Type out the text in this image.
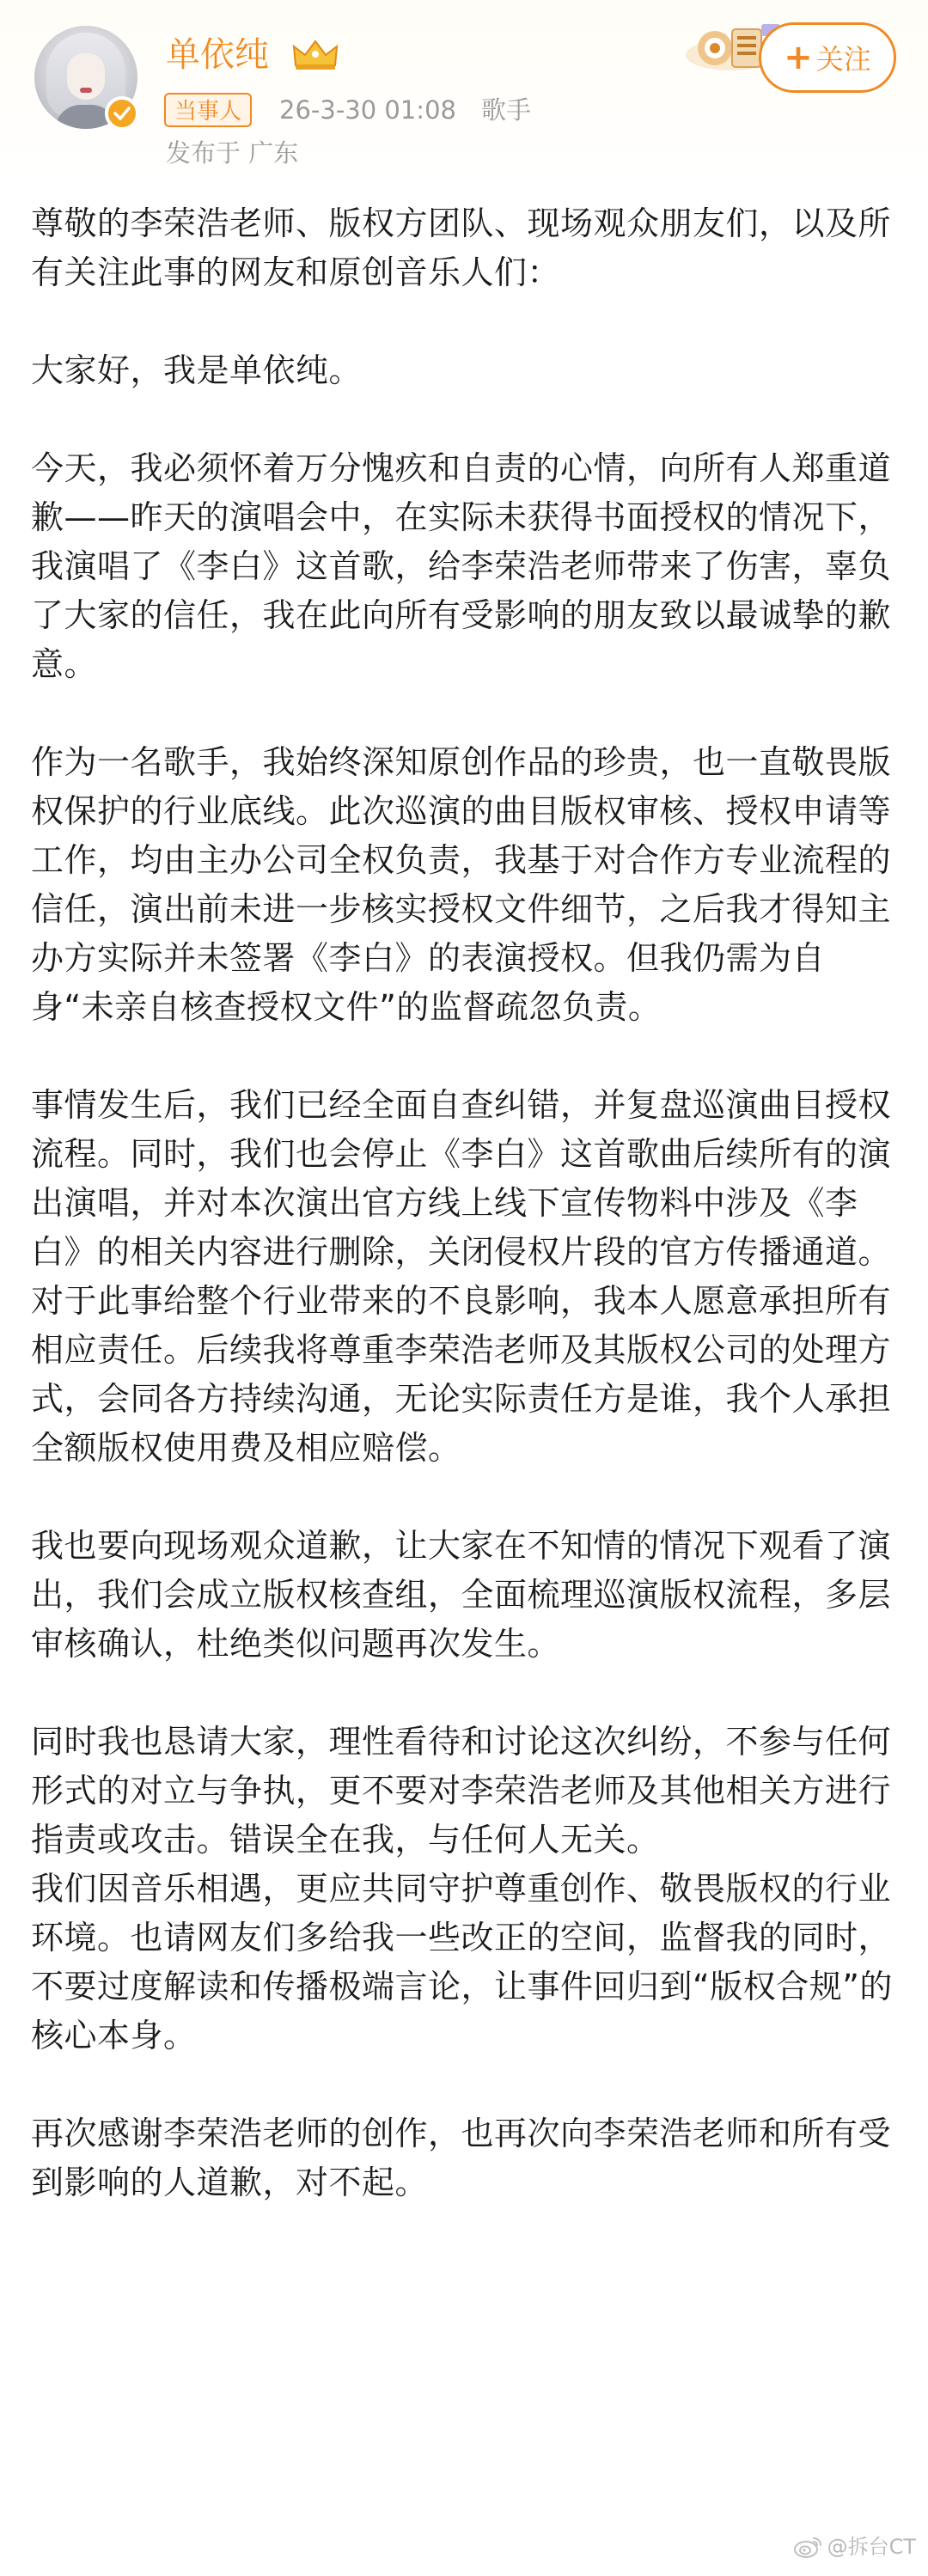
单依纯
当事人	26-3-30 01:08 歌手
发布于 广东
+ 关注

尊敬的李荣浩老师、版权方团队、现场观众朋友们，以及所有关注此事的网友和原创音乐人们：

大家好，我是单依纯。

今天，我必须怀着万分愧疚和自责的心情，向所有人郑重道歉——昨天的演唱会中，在实际未获得书面授权的情况下，我演唱了《李白》这首歌，给李荣浩老师带来了伤害，辜负了大家的信任，我在此向所有受影响的朋友致以最诚挚的歉意。

作为一名歌手，我始终深知原创作品的珍贵，也一直敬畏版权保护的行业底线。此次巡演的曲目版权审核、授权申请等工作，均由主办公司全权负责，我基于对合作方专业流程的信任，演出前未进一步核实授权文件细节，之后我才得知主办方实际并未签署《李白》的表演授权。但我仍需为自身“未亲自核查授权文件”的监督疏忽负责。

事情发生后，我们已经全面自查纠错，并复盘巡演曲目授权流程。同时，我们也会停止《李白》这首歌曲后续所有的演出演唱，并对本次演出官方线上线下宣传物料中涉及《李白》的相关内容进行删除，关闭侵权片段的官方传播通道。对于此事给整个行业带来的不良影响，我本人愿意承担所有相应责任。后续我将尊重李荣浩老师及其版权公司的处理方式，会同各方持续沟通，无论实际责任方是谁，我个人承担全额版权使用费及相应赔偿。

我也要向现场观众道歉，让大家在不知情的情况下观看了演出，我们会成立版权核查组，全面梳理巡演版权流程，多层审核确认，杜绝类似问题再次发生。

同时我也恳请大家，理性看待和讨论这次纠纷，不参与任何形式的对立与争执，更不要对李荣浩老师及其他相关方进行指责或攻击。错误全在我，与任何人无关。

我们因音乐相遇，更应共同守护尊重创作、敬畏版权的行业环境。也请网友们多给我一些改正的空间，监督我的同时，不要过度解读和传播极端言论，让事件回归到“版权合规”的核心本身。

再次感谢李荣浩老师的创作，也再次向李荣浩老师和所有受到影响的人道歉，对不起。

@拆台CT
